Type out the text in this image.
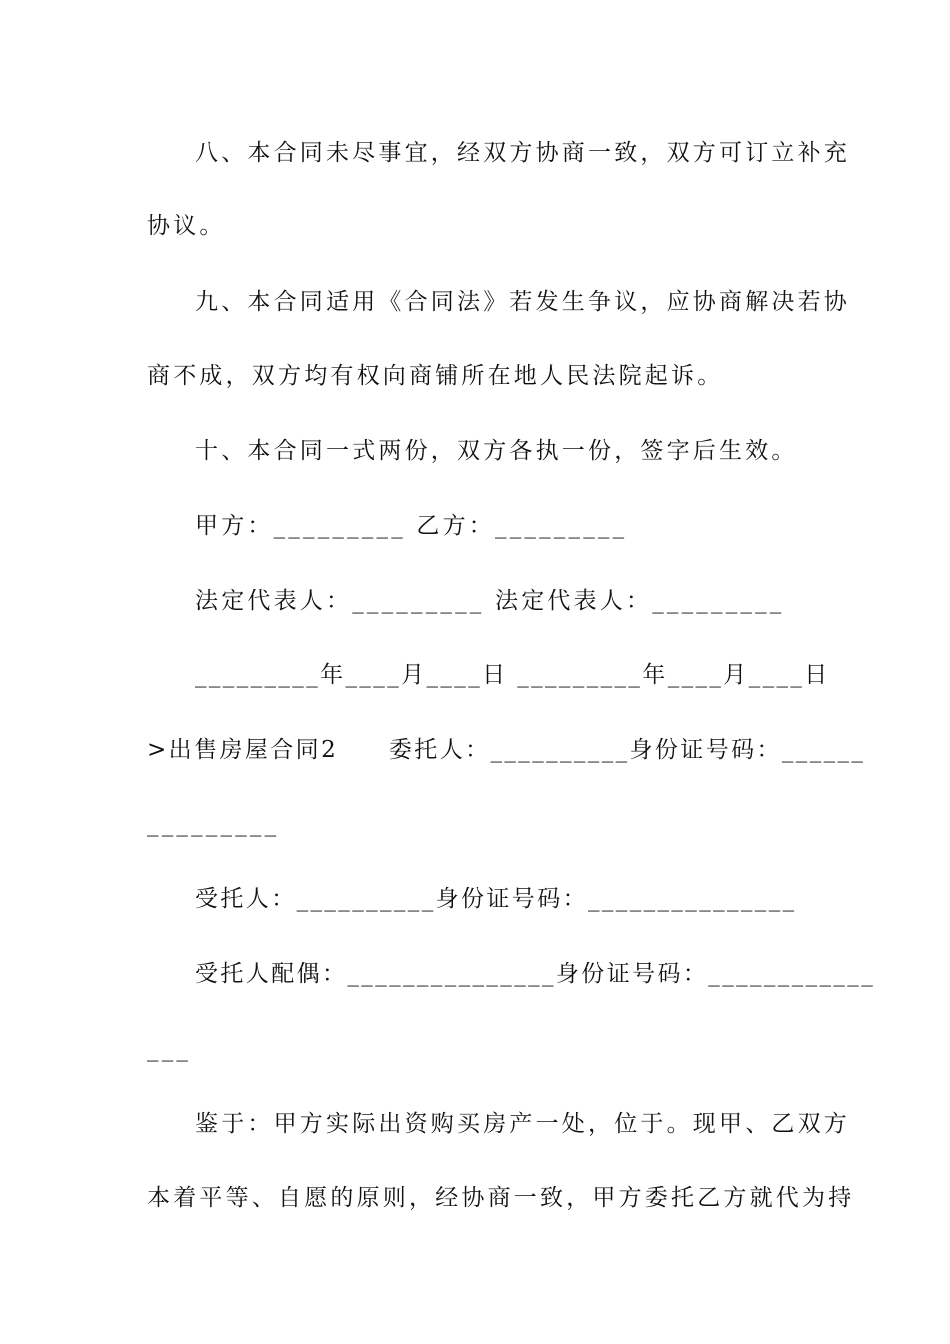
八、本合同未尽事宜，经双方协商一致，双方可订立补充
协议。
九、本合同适用《合同法》若发生争议，应协商解决若协
商不成，双方均有权向商铺所在地人民法院起诉。
十、本合同一式两份，双方各执一份，签字后生效。
甲方：_________ 乙方：_________
法定代表人：_________ 法定代表人：_________
_________年____月____日 _________年____月____日
>出售房屋合同2　　委托人：__________身份证号码：______
_________
受托人：__________身份证号码：_______________
受托人配偶：_______________身份证号码：____________
___
鉴于：甲方实际出资购买房产一处，位于。现甲、乙双方
本着平等、自愿的原则，经协商一致，甲方委托乙方就代为持
